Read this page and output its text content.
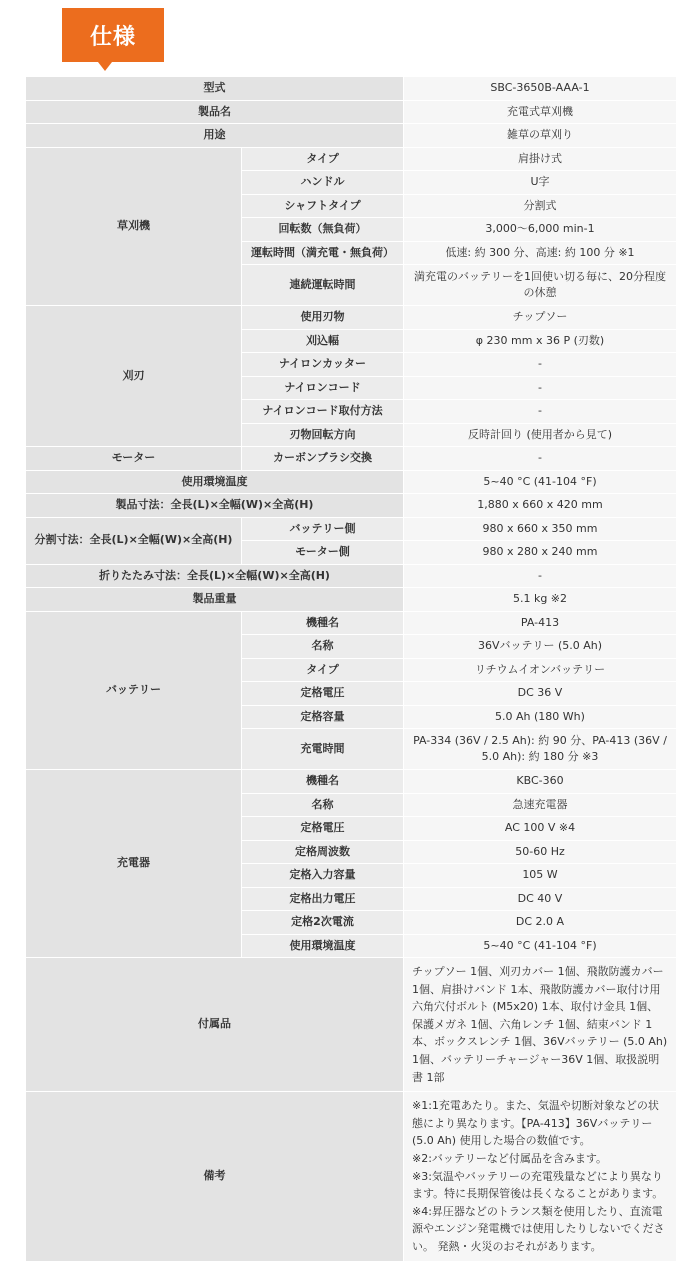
仕様
型式		SBC-3650B-AAA-1
製品名		充電式草刈機
用途		雑草の草刈り
草刈機	タイプ	肩掛け式
	ハンドル	U字
	シャフトタイプ	分割式
	回転数（無負荷）	3,000～6,000 min-1
	運転時間（満充電・無負荷）	低速: 約 300 分、高速: 約 100 分 ※1
	連続運転時間	満充電のバッテリーを1回使い切る毎に、20分程度の休憩
刈刃	使用刃物	チップソー
	刈込幅	φ 230 mm x 36 P (刃数)
	ナイロンカッター	-
	ナイロンコード	-
	ナイロンコード取付方法	-
	刃物回転方向	反時計回り (使用者から見て)
モーター	カーボンブラシ交換	-
使用環境温度		5~40 °C (41-104 °F)
製品寸法：全長(L)×全幅(W)×全高(H)		1,880 x 660 x 420 mm
分割寸法：全長(L)×全幅(W)×全高(H)	バッテリー側	980 x 660 x 350 mm
	モーター側	980 x 280 x 240 mm
折りたたみ寸法：全長(L)×全幅(W)×全高(H)		-
製品重量		5.1 kg ※2
バッテリー	機種名	PA-413
	名称	36Vバッテリー (5.0 Ah)
	タイプ	リチウムイオンバッテリー
	定格電圧	DC 36 V
	定格容量	5.0 Ah (180 Wh)
	充電時間	PA-334 (36V / 2.5 Ah): 約 90 分、PA-413 (36V / 5.0 Ah): 約 180 分 ※3
充電器	機種名	KBC-360
	名称	急速充電器
	定格電圧	AC 100 V ※4
	定格周波数	50-60 Hz
	定格入力容量	105 W
	定格出力電圧	DC 40 V
	定格2次電流	DC 2.0 A
	使用環境温度	5~40 °C (41-104 °F)
付属品		チップソー 1個、刈刃カバー 1個、飛散防護カバー 1個、肩掛けバンド 1本、飛散防護カバー取付け用六角穴付ボルト (M5x20) 1本、取付け金具 1個、保護メガネ 1個、六角レンチ 1個、結束バンド 1本、ボックスレンチ 1個、36Vバッテリー (5.0 Ah) 1個、バッテリーチャージャー36V 1個、取扱説明書 1部
備考		※1:1充電あたり。また、気温や切断対象などの状態により異なります。【PA-413】36Vバッテリー (5.0 Ah) 使用した場合の数値です。
※2:バッテリーなど付属品を含みます。
※3:気温やバッテリーの充電残量などにより異なります。特に長期保管後は長くなることがあります。
※4:昇圧器などのトランス類を使用したり、直流電源やエンジン発電機では使用したりしないでください。 発熱・火災のおそれがあります。
